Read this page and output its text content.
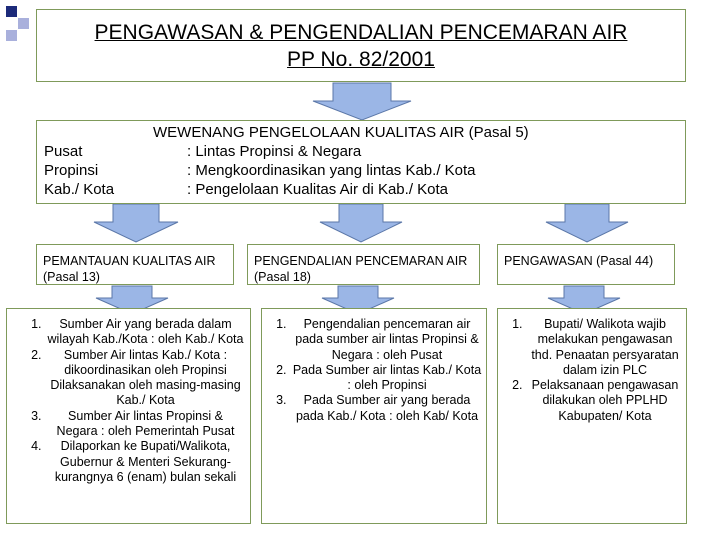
PENGAWASAN & PENGENDALIAN PENCEMARAN AIR
PP No. 82/2001
WEWENANG PENGELOLAAN KUALITAS AIR (Pasal 5)
Pusat	: Lintas Propinsi & Negara
Propinsi	: Mengkoordinasikan yang lintas Kab./ Kota
Kab./ Kota	: Pengelolaan Kualitas Air di Kab./ Kota
PEMANTAUAN KUALITAS AIR
(Pasal 13)
PENGENDALIAN PENCEMARAN AIR
(Pasal 18)
PENGAWASAN (Pasal 44)
1. Sumber Air yang berada dalam wilayah Kab./Kota : oleh Kab./ Kota
2. Sumber Air lintas Kab./ Kota : dikoordinasikan oleh Propinsi Dilaksanakan oleh masing-masing Kab./ Kota
3. Sumber Air lintas Propinsi & Negara : oleh Pemerintah Pusat
4. Dilaporkan ke Bupati/Walikota, Gubernur & Menteri Sekurang-kurangnya 6 (enam) bulan sekali
1. Pengendalian pencemaran air pada sumber air lintas Propinsi & Negara : oleh Pusat
2. Pada Sumber air lintas Kab./ Kota : oleh Propinsi
3. Pada Sumber air yang berada pada Kab./ Kota : oleh Kab/ Kota
1. Bupati/ Walikota wajib melakukan pengawasan thd. Penaatan persyaratan dalam izin PLC
2. Pelaksanaan pengawasan dilakukan oleh PPLHD Kabupaten/ Kota
